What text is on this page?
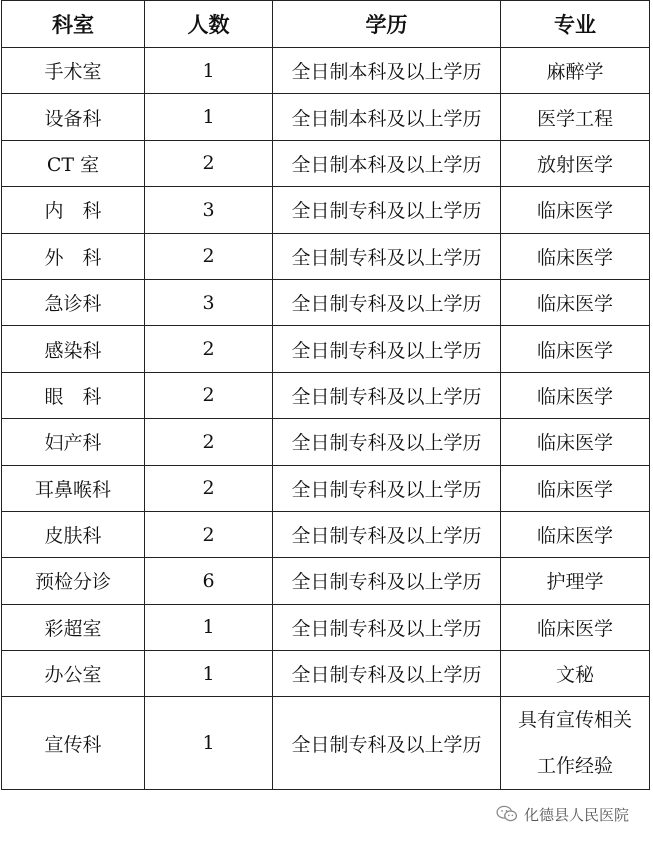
科室	人数	学历	专业
手术室	1	全日制本科及以上学历	麻醉学
设备科	1	全日制本科及以上学历	医学工程
CT 室	2	全日制本科及以上学历	放射医学
内　科	3	全日制专科及以上学历	临床医学
外　科	2	全日制专科及以上学历	临床医学
急诊科	3	全日制专科及以上学历	临床医学
感染科	2	全日制专科及以上学历	临床医学
眼　科	2	全日制专科及以上学历	临床医学
妇产科	2	全日制专科及以上学历	临床医学
耳鼻喉科	2	全日制专科及以上学历	临床医学
皮肤科	2	全日制专科及以上学历	临床医学
预检分诊	6	全日制专科及以上学历	护理学
彩超室	1	全日制专科及以上学历	临床医学
办公室	1	全日制专科及以上学历	文秘
宣传科	1	全日制专科及以上学历	具有宣传相关
工作经验
化德县人民医院
